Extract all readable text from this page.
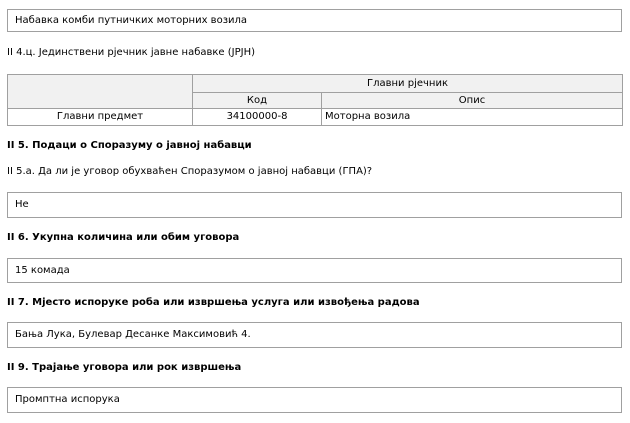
Набавка комби путничких моторних возила
II 4.ц. Јединствени рјечник јавне набавке (ЈРЈН)
	Главни рјечник	
	Код	Опис
Главни предмет	34100000-8	Моторна возила
II 5. Подаци о Споразуму о јавној набавци
II 5.а. Да ли је уговор обухваћен Споразумом о јавној набавци (ГПА)?
Не
II 6. Укупна количина или обим уговора
15 комада
II 7. Мјесто испоруке роба или извршења услуга или извођења радова
Бања Лука, Булевар Десанке Максимовић 4.
II 9. Трајање уговора или рок извршења
Промптна испорука
